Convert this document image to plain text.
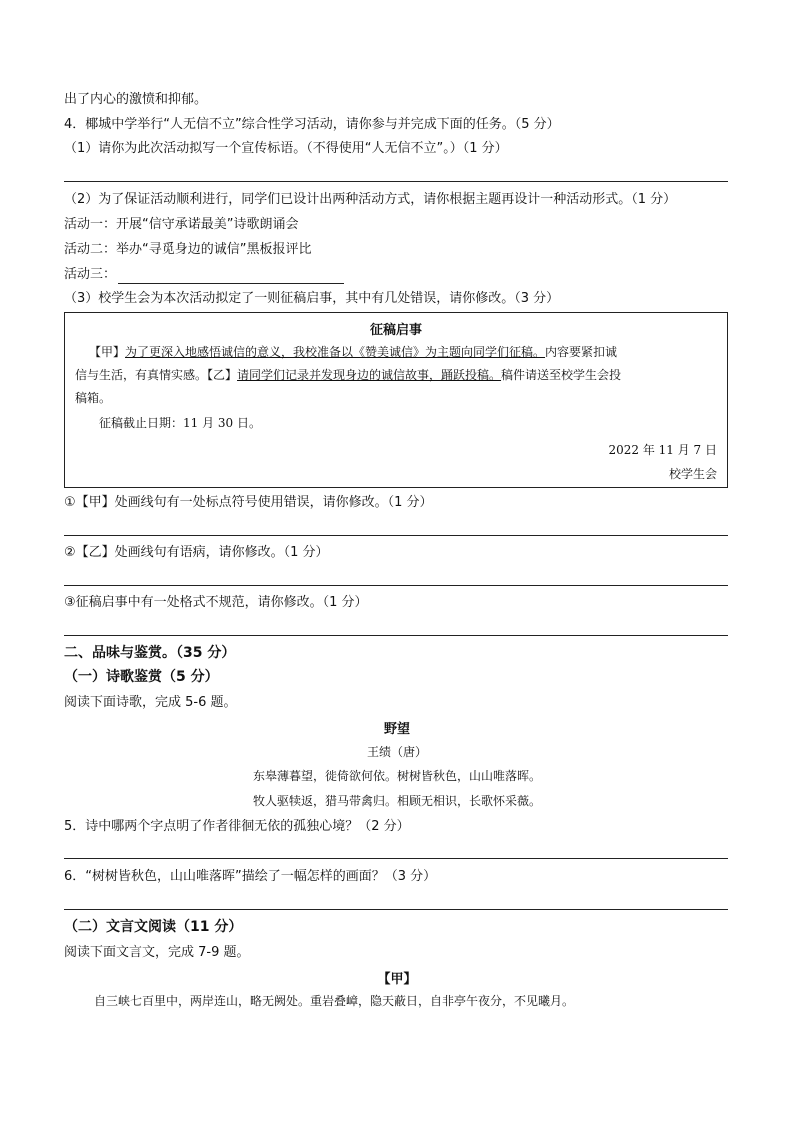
出了内心的激愤和抑郁。
4．椰城中学举行“人无信不立”综合性学习活动，请你参与并完成下面的任务。（5 分）
（1）请你为此次活动拟写一个宣传标语。（不得使用“人无信不立”。）（1 分）
（2）为了保证活动顺利进行，同学们已设计出两种活动方式，请你根据主题再设计一种活动形式。（1 分）
活动一：开展“信守承诺最美”诗歌朗诵会
活动二：举办“寻觅身边的诚信”黑板报评比
活动三：
（3）校学生会为本次活动拟定了一则征稿启事，其中有几处错误，请你修改。（3 分）
征稿启事
【甲】为了更深入地感悟诚信的意义，我校准备以《赞美诚信》为主题向同学们征稿。内容要紧扣诚
信与生活，有真情实感。【乙】请同学们记录并发现身边的诚信故事，踊跃投稿。稿件请送至校学生会投
稿箱。
征稿截止日期：11 月 30 日。
2022 年 11 月 7 日
校学生会
①【甲】处画线句有一处标点符号使用错误，请你修改。（1 分）
②【乙】处画线句有语病，请你修改。（1 分）
③征稿启事中有一处格式不规范，请你修改。（1 分）
二、品味与鉴赏。（35 分）
（一）诗歌鉴赏（5 分）
阅读下面诗歌，完成 5-6 题。
野望
王绩（唐）
东皋薄暮望，徙倚欲何依。树树皆秋色，山山唯落晖。
牧人驱犊返，猎马带禽归。相顾无相识，长歌怀采薇。
5．诗中哪两个字点明了作者徘徊无依的孤独心境？（2 分）
6．“树树皆秋色，山山唯落晖”描绘了一幅怎样的画面？（3 分）
（二）文言文阅读（11 分）
阅读下面文言文，完成 7-9 题。
【甲】
自三峡七百里中，两岸连山，略无阙处。重岩叠嶂，隐天蔽日，自非亭午夜分，不见曦月。
